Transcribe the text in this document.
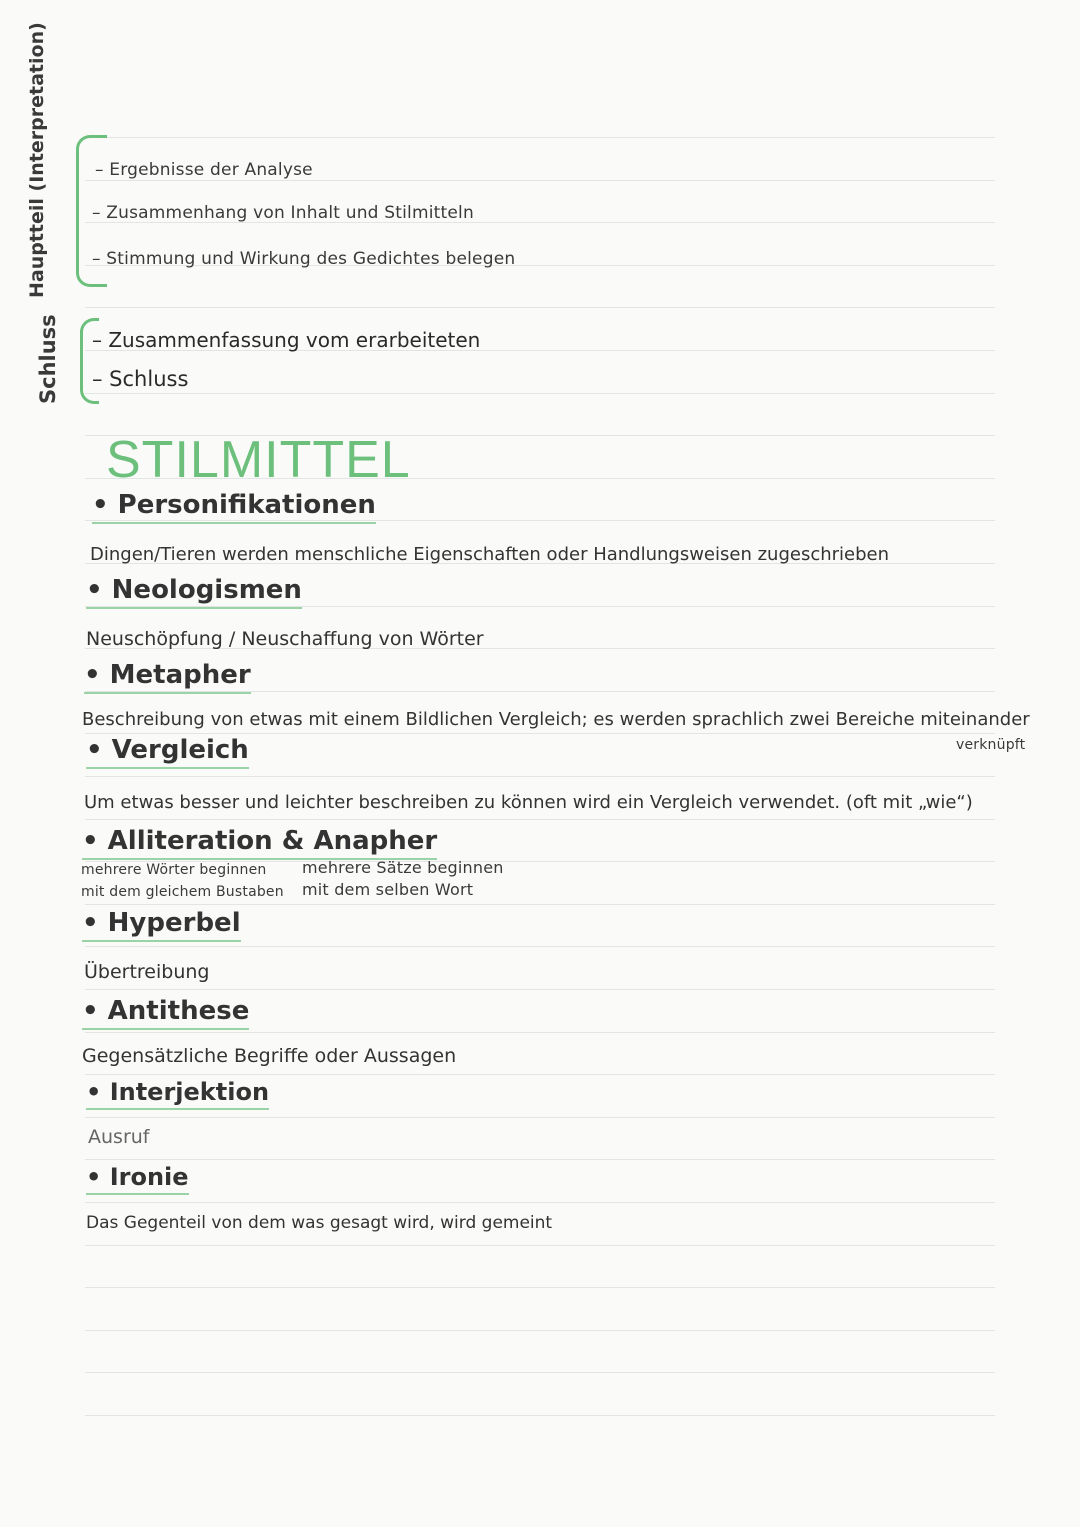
Hauptteil (Interpretation)	– Ergebnisse der Analyse
– Zusammenhang von Inhalt und Stilmitteln
– Stimmung und Wirkung des Gedichtes belegen
Schluss – Zusammenfassung vom erarbeiteten
– Schluss
STILMITTEL
• Personifikationen
Dingen/Tieren werden menschliche Eigenschaften oder Handlungsweisen zugeschrieben
• Neologismen
Neuschöpfung / Neuschaffung von Wörter
• Metapher
Beschreibung von etwas mit einem Bildlichen Vergleich; es werden sprachlich zwei Bereiche miteinander
verknüpft
• Vergleich
Um etwas besser und leichter beschreiben zu können wird ein Vergleich verwendet. (oft mit „wie“)
• Alliteration & Anapher
mehrere Wörter beginnen
mit dem gleichem Bustaben
mehrere Sätze beginnen
mit dem selben Wort
• Hyperbel
Übertreibung
• Antithese
Gegensätzliche Begriffe oder Aussagen
• Interjektion
Ausruf
• Ironie
Das Gegenteil von dem was gesagt wird, wird gemeint
